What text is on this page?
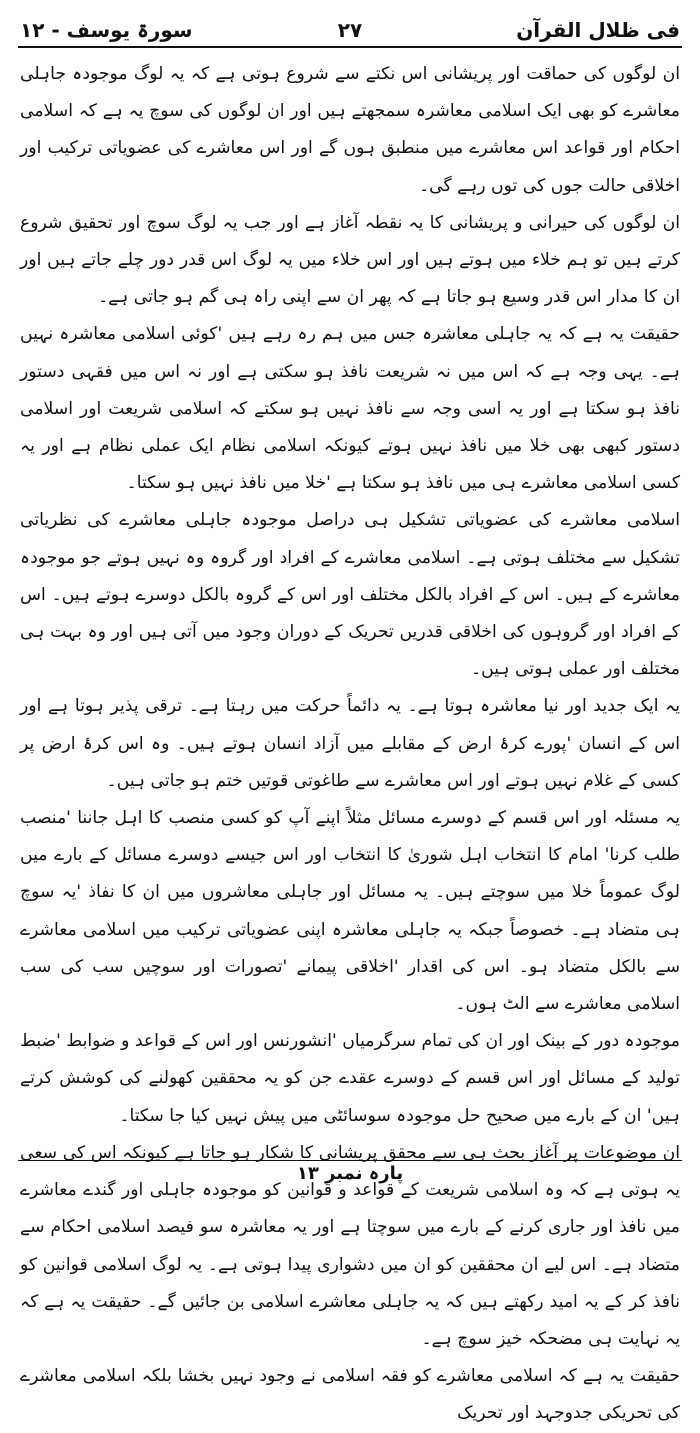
فی ظلال القرآن
۲۷
سورۃ یوسف - ۱۲

ان لوگوں کی حماقت اور پریشانی اس نکتے سے شروع ہوتی ہے کہ یہ لوگ موجودہ جاہلی معاشرے کو بھی ایک اسلامی معاشرہ سمجھتے ہیں اور ان لوگوں کی سوچ یہ ہے کہ اسلامی احکام اور قواعد اس معاشرے میں منطبق ہوں گے اور اس معاشرے کی عضویاتی ترکیب اور اخلاقی حالت جوں کی توں رہے گی۔

ان لوگوں کی حیرانی و پریشانی کا یہ نقطہ آغاز ہے اور جب یہ لوگ سوچ اور تحقیق شروع کرتے ہیں تو ہم خلاء میں ہوتے ہیں اور اس خلاء میں یہ لوگ اس قدر دور چلے جاتے ہیں اور ان کا مدار اس قدر وسیع ہو جاتا ہے کہ پھر ان سے اپنی راہ ہی گم ہو جاتی ہے۔

حقیقت یہ ہے کہ یہ جاہلی معاشرہ جس میں ہم رہ رہے ہیں 'کوئی اسلامی معاشرہ نہیں ہے۔ یہی وجہ ہے کہ اس میں نہ شریعت نافذ ہو سکتی ہے اور نہ اس میں فقہی دستور نافذ ہو سکتا ہے اور یہ اسی وجہ سے نافذ نہیں ہو سکتے کہ اسلامی شریعت اور اسلامی دستور کبھی بھی خلا میں نافذ نہیں ہوتے کیونکہ اسلامی نظام ایک عملی نظام ہے اور یہ کسی اسلامی معاشرے ہی میں نافذ ہو سکتا ہے 'خلا میں نافذ نہیں ہو سکتا۔

اسلامی معاشرے کی عضویاتی تشکیل ہی دراصل موجودہ جاہلی معاشرے کی نظریاتی تشکیل سے مختلف ہوتی ہے۔ اسلامی معاشرے کے افراد اور گروہ وہ نہیں ہوتے جو موجودہ معاشرے کے ہیں۔ اس کے افراد بالکل مختلف اور اس کے گروہ بالکل دوسرے ہوتے ہیں۔ اس کے افراد اور گروہوں کی اخلاقی قدریں تحریک کے دوران وجود میں آتی ہیں اور وہ بہت ہی مختلف اور عملی ہوتی ہیں۔

یہ ایک جدید اور نیا معاشرہ ہوتا ہے۔ یہ دائماً حرکت میں رہتا ہے۔ ترقی پذیر ہوتا ہے اور اس کے انسان 'پورے کرۂ ارض کے مقابلے میں آزاد انسان ہوتے ہیں۔ وہ اس کرۂ ارض پر کسی کے غلام نہیں ہوتے اور اس معاشرے سے طاغوتی قوتیں ختم ہو جاتی ہیں۔

یہ مسئلہ اور اس قسم کے دوسرے مسائل مثلاً اپنے آپ کو کسی منصب کا اہل جاننا 'منصب طلب کرنا' امام کا انتخاب اہل شوریٰ کا انتخاب اور اس جیسے دوسرے مسائل کے بارے میں لوگ عموماً خلا میں سوچتے ہیں۔ یہ مسائل اور جاہلی معاشروں میں ان کا نفاذ 'یہ سوچ ہی متضاد ہے۔ خصوصاً جبکہ یہ جاہلی معاشرہ اپنی عضویاتی ترکیب میں اسلامی معاشرے سے بالکل متضاد ہو۔ اس کی اقدار 'اخلاقی پیمانے 'تصورات اور سوچیں سب کی سب اسلامی معاشرے سے الٹ ہوں۔

موجودہ دور کے بینک اور ان کی تمام سرگرمیاں 'انشورنس اور اس کے قواعد و ضوابط 'ضبط تولید کے مسائل اور اس قسم کے دوسرے عقدے جن کو یہ محققین کھولنے کی کوشش کرتے ہیں' ان کے بارے میں صحیح حل موجودہ سوسائٹی میں پیش نہیں کیا جا سکتا۔

ان موضوعات پر آغاز بحث ہی سے محقق پریشانی کا شکار ہو جاتا ہے کیونکہ اس کی سعی یہ ہوتی ہے کہ وہ اسلامی شریعت کے قواعد و قوانین کو موجودہ جاہلی اور گندے معاشرے میں نافذ اور جاری کرنے کے بارے میں سوچتا ہے اور یہ معاشرہ سو فیصد اسلامی احکام سے متضاد ہے۔ اس لیے ان محققین کو ان میں دشواری پیدا ہوتی ہے۔ یہ لوگ اسلامی قوانین کو نافذ کر کے یہ امید رکھتے ہیں کہ یہ جاہلی معاشرے اسلامی بن جائیں گے۔ حقیقت یہ ہے کہ یہ نہایت ہی مضحکہ خیز سوچ ہے۔

حقیقت یہ ہے کہ اسلامی معاشرے کو فقہ اسلامی نے وجود نہیں بخشا بلکہ اسلامی معاشرے کی تحریکی جدوجہد اور تحریک

پارہ نمبر ۱۳
